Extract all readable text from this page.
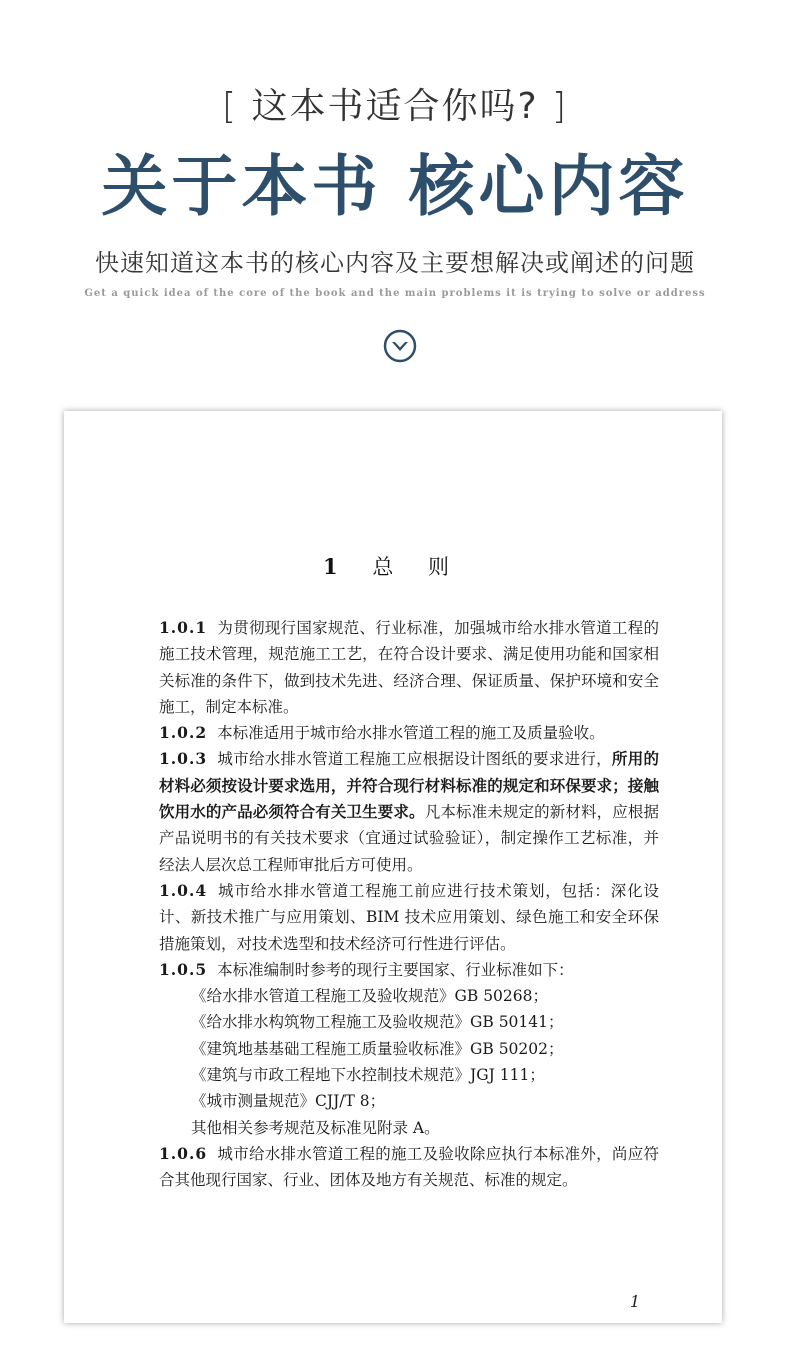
[ 这本书适合你吗? ]
关于本书 核心内容
快速知道这本书的核心内容及主要想解决或阐述的问题
Get a quick idea of the core of the book and the main problems it is trying to solve or address
1 总 则

1.0.1 为贯彻现行国家规范、行业标准，加强城市给水排水管道工程的施工技术管理，规范施工工艺，在符合设计要求、满足使用功能和国家相关标准的条件下，做到技术先进、经济合理、保证质量、保护环境和安全施工，制定本标准。

1.0.2 本标准适用于城市给水排水管道工程的施工及质量验收。

1.0.3 城市给水排水管道工程施工应根据设计图纸的要求进行，所用的材料必须按设计要求选用，并符合现行材料标准的规定和环保要求；接触饮用水的产品必须符合有关卫生要求。凡本标准未规定的新材料，应根据产品说明书的有关技术要求（宜通过试验验证），制定操作工艺标准，并经法人层次总工程师审批后方可使用。

1.0.4 城市给水排水管道工程施工前应进行技术策划，包括：深化设计、新技术推广与应用策划、BIM 技术应用策划、绿色施工和安全环保措施策划，对技术选型和技术经济可行性进行评估。

1.0.5 本标准编制时参考的现行主要国家、行业标准如下：

《给水排水管道工程施工及验收规范》GB 50268；

《给水排水构筑物工程施工及验收规范》GB 50141；

《建筑地基基础工程施工质量验收标准》GB 50202；

《建筑与市政工程地下水控制技术规范》JGJ 111；

《城市测量规范》CJJ/T 8；

其他相关参考规范及标准见附录 A。

1.0.6 城市给水排水管道工程的施工及验收除应执行本标准外，尚应符合其他现行国家、行业、团体及地方有关规范、标准的规定。

1
